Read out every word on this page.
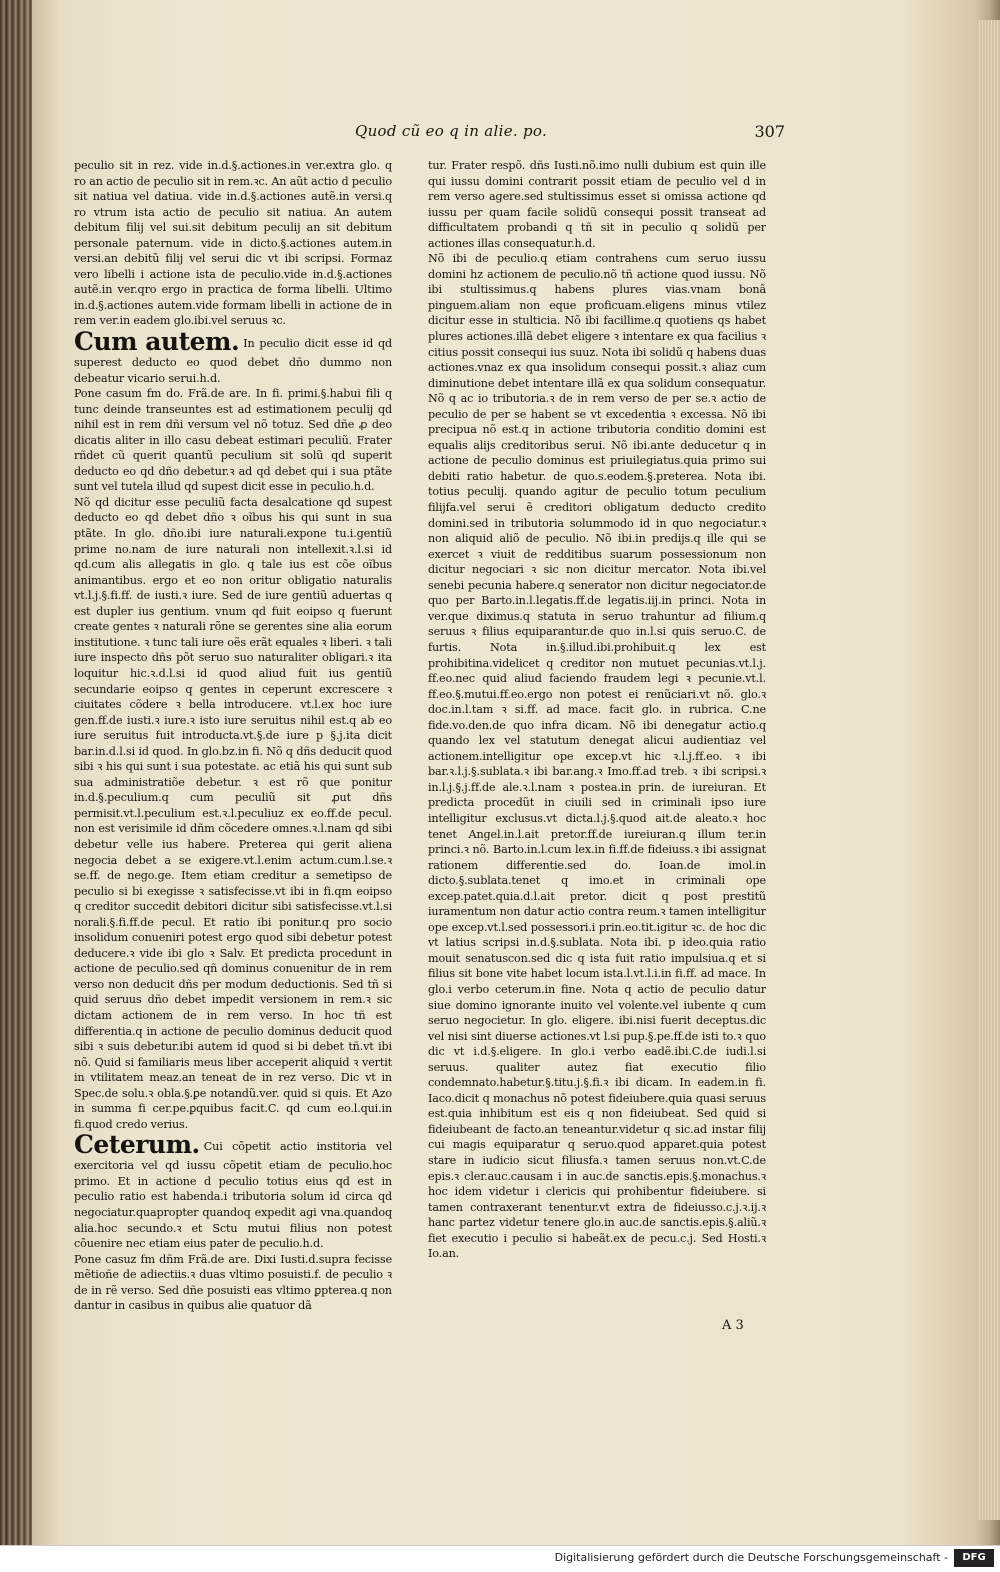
Quod cũ eo q in alie. po.	307

peculio sit in rez. vide in.d.§.actiones.in ver.extra glo. q ro an actio de peculio sit in rem.ꝛc. An aũt actio d peculio sit natiua vel datiua. vide in.d.§.actiones autẽ.in versi.q ro vtrum ista actio de peculio sit natiua. An autem debitum filij vel sui.sit debitum peculij an sit debitum personale paternum. vide in dicto.§.actiones autem.in versi.an debitũ filij vel serui dic vt ibi scripsi. Formaz vero libelli i actione ista de peculio.vide in.d.§.actiones autẽ.in ver.qro ergo in practica de forma libelli. Ultimo in.d.§.actiones autem.vide formam libelli in actione de in rem ver.in eadem glo.ibi.vel seruus ꝛc.

Cum autem. In peculio dicit esse id qd superest deducto eo quod debet dño dummo non debeatur vicario serui.h.d.

Pone casum fm do. Frã.de are. In fi. primi.§.habui fili q tunc deinde transeuntes est ad estimationem peculij qd nihil est in rem dñi versum vel nõ totuz. Sed dñe ꝓ deo dicatis aliter in illo casu debeat estimari peculiũ. Frater rñdet cũ querit quantũ peculium sit solũ qd superit deducto eo qd dño debetur.ꝛ ad qd debet qui i sua ptãte sunt vel tutela illud qd supest dicit esse in peculio.h.d.

Nõ qd dicitur esse peculiũ facta desalcatione qd supest deducto eo qd debet dño ꝛ oĩbus his qui sunt in sua ptãte. In glo. dño.ibi iure naturali.expone tu.i.gentiũ prime no.nam de iure naturali non intellexit.ꝛ.l.si id qd.cum alis allegatis in glo. q tale ius est cõe oĩbus animantibus. ergo et eo non oritur obligatio naturalis vt.l.j.§.fi.ff. de iusti.ꝛ iure. Sed de iure gentiũ aduertas q est dupler ius gentium. vnum qd fuit eoipso q fuerunt create gentes ꝛ naturali rõne se gerentes sine alia eorum institutione. ꝛ tunc tali iure oẽs erãt equales ꝛ liberi. ꝛ tali iure inspecto dñs põt seruo suo naturaliter obligari.ꝛ ita loquitur hic.ꝛ.d.l.si id quod aliud fuit ius gentiũ secundarie eoipso q gentes in ceperunt excrescere ꝛ ciuitates cõdere ꝛ bella introducere. vt.l.ex hoc iure gen.ff.de iusti.ꝛ iure.ꝛ isto iure seruitus nihil est.q ab eo iure seruitus fuit introducta.vt.§.de iure p §.j.ita dicit bar.in.d.l.si id quod. In glo.bz.in fi. Nõ q dñs deducit quod sibi ꝛ his qui sunt i sua potestate. ac etiã his qui sunt sub sua administratiõe debetur. ꝛ est rõ que ponitur in.d.§.peculium.q cum peculiũ sit ꝓut dñs permisit.vt.l.peculium est.ꝛ.l.peculiuz ex eo.ff.de pecul. non est verisimile id dñm cõcedere omnes.ꝛ.l.nam qd sibi debetur velle ius habere. Preterea qui gerit aliena negocia debet a se exigere.vt.l.enim actum.cum.l.se.ꝛ se.ff. de nego.ge. Item etiam creditur a semetipso de peculio si bi exegisse ꝛ satisfecisse.vt ibi in fi.qm eoipso q creditor succedit debitori dicitur sibi satisfecisse.vt.l.si norali.§.fi.ff.de pecul. Et ratio ibi ponitur.q pro socio insolidum conueniri potest ergo quod sibi debetur potest deducere.ꝛ vide ibi glo ꝛ Salv. Et predicta procedunt in actione de peculio.sed qñ dominus conuenitur de in rem verso non deducit dñs per modum deductionis. Sed tñ si quid seruus dño debet impedit versionem in rem.ꝛ sic dictam actionem de in rem verso. In hoc tñ est differentia.q in actione de peculio dominus deducit quod sibi ꝛ suis debetur.ibi autem id quod si bi debet tñ.vt ibi nõ. Quid si familiaris meus liber acceperit aliquid ꝛ vertit in vtilitatem meaz.an teneat de in rez verso. Dic vt in Spec.de solu.ꝛ obla.§.ꝑe notandũ.ver. quid si quis. Et Azo in summa fi cer.pe.ꝑquibus facit.C. qd cum eo.l.qui.in fi.quod credo verius.

Ceterum. Cui cõpetit actio institoria vel exercitoria vel qd iussu cõpetit etiam de peculio.hoc primo. Et in actione d peculio totius eius qd est in peculio ratio est habenda.i tributoria solum id circa qd negociatur.quapropter quandoq expedit agi vna.quandoq alia.hoc secundo.ꝛ et Sctu mutui filius non potest cõuenire nec etiam eius pater de peculio.h.d.

Pone casuz fm dñm Frã.de are. Dixi Iusti.d.supra fecisse mẽtioñe de adiectiis.ꝛ duas vltimo posuisti.f. de peculio ꝛ de in rẽ verso. Sed dñe posuisti eas vltimo ꝑpterea.q non dantur in casibus in quibus alie quatuor dã

tur. Frater respõ. dñs Iusti.nõ.imo nulli dubium est quin ille qui iussu domini contrarit possit etiam de peculio vel d in rem verso agere.sed stultissimus esset si omissa actione qd iussu per quam facile solidũ consequi possit transeat ad difficultatem probandi q tñ sit in peculio q solidũ per actiones illas consequatur.h.d.

Nõ ibi de peculio.q etiam contrahens cum seruo iussu domini hz actionem de peculio.nõ tñ actione quod iussu. Nõ ibi stultissimus.q habens plures vias.vnam bonã pinguem.aliam non eque proficuam.eligens minus vtilez dicitur esse in stulticia. Nõ ibi facillime.q quotiens qs habet plures actiones.illã debet eligere ꝛ intentare ex qua facilius ꝛ citius possit consequi ius suuz. Nota ibi solidũ q habens duas actiones.vnaz ex qua insolidum consequi possit.ꝛ aliaz cum diminutione debet intentare illã ex qua solidum consequatur. Nõ q ac io tributoria.ꝛ de in rem verso de per se.ꝛ actio de peculio de per se habent se vt excedentia ꝛ excessa. Nõ ibi precipua nõ est.q in actione tributoria conditio domini est equalis alijs creditoribus serui. Nõ ibi.ante deducetur q in actione de peculio dominus est priuilegiatus.quia primo sui debiti ratio habetur. de quo.s.eodem.§.preterea. Nota ibi. totius peculij. quando agitur de peculio totum peculium filijfa.vel serui ẽ creditori obligatum deducto credito domini.sed in tributoria solummodo id in quo negociatur.ꝛ non aliquid aliõ de peculio. Nõ ibi.in predijs.q ille qui se exercet ꝛ viuit de redditibus suarum possessionum non dicitur negociari ꝛ sic non dicitur mercator. Nota ibi.vel senebi pecunia habere.q senerator non dicitur negociator.de quo per Barto.in.l.legatis.ff.de legatis.iij.in princi. Nota in ver.que diximus.q statuta in seruo trahuntur ad filium.q seruus ꝛ filius equiparantur.de quo in.l.si quis seruo.C. de furtis. Nota in.§.illud.ibi.prohibuit.q lex est prohibitina.videlicet q creditor non mutuet pecunias.vt.l.j. ff.eo.nec quid aliud faciendo fraudem legi ꝛ pecunie.vt.l. ff.eo.§.mutui.ff.eo.ergo non potest ei renũciari.vt nõ. glo.ꝛ doc.in.l.tam ꝛ si.ff. ad mace. facit glo. in rubrica. C.ne fide.vo.den.de quo infra dicam. Nõ ibi denegatur actio.q quando lex vel statutum denegat alicui audientiaz vel actionem.intelligitur ope excep.vt hic ꝛ.l.j.ff.eo. ꝛ ibi bar.ꝛ.l.j.§.sublata.ꝛ ibi bar.ang.ꝛ Imo.ff.ad treb. ꝛ ibi scripsi.ꝛ in.l.j.§.j.ff.de ale.ꝛ.l.nam ꝛ postea.in prin. de iureiuran. Et predicta procedũt in ciuili sed in criminali ipso iure intelligitur exclusus.vt dicta.l.j.§.quod ait.de aleato.ꝛ hoc tenet Angel.in.l.ait pretor.ff.de iureiuran.q illum ter.in princi.ꝛ nõ. Barto.in.l.cum lex.in fi.ff.de fideiuss.ꝛ ibi assignat rationem differentie.sed do. Ioan.de imol.in dicto.§.sublata.tenet q imo.et in criminali ope excep.patet.quia.d.l.ait pretor. dicit q post prestitũ iuramentum non datur actio contra reum.ꝛ tamen intelligitur ope excep.vt.l.sed possessori.i prin.eo.tit.igitur ꝛc. de hoc dic vt latius scripsi in.d.§.sublata. Nota ibi. p ideo.quia ratio mouit senatuscon.sed dic q ista fuit ratio impulsiua.q et si filius sit bone vite habet locum ista.l.vt.l.i.in fi.ff. ad mace. In glo.i verbo ceterum.in fine. Nota q actio de peculio datur siue domino ignorante inuito vel volente.vel iubente q cum seruo negocietur. In glo. eligere. ibi.nisi fuerit deceptus.dic vel nisi sint diuerse actiones.vt l.si pup.§.pe.ff.de isti to.ꝛ quo dic vt i.d.§.eligere. In glo.i verbo eadẽ.ibi.C.de iudi.l.si seruus. qualiter autez fiat executio filio condemnato.habetur.§.titu.j.§.fi.ꝛ ibi dicam. In eadem.in fi. Iaco.dicit q monachus nõ potest fideiubere.quia quasi seruus est.quia inhibitum est eis q non fideiubeat. Sed quid si fideiubeant de facto.an teneantur.videtur q sic.ad instar filij cui magis equiparatur q seruo.quod apparet.quia potest stare in iudicio sicut filiusfa.ꝛ tamen seruus non.vt.C.de epis.ꝛ cler.auc.causam i in auc.de sanctis.epis.§.monachus.ꝛ hoc idem videtur i clericis qui prohibentur fideiubere. si tamen contraxerant tenentur.vt extra de fideiusso.c.j.ꝛ.ij.ꝛ hanc partez videtur tenere glo.in auc.de sanctis.epis.§.aliũ.ꝛ fiet executio i peculio si habeãt.ex de pecu.c.j. Sed Hosti.ꝛ Io.an.

A 3
Digitalisierung gefördert durch die Deutsche Forschungsgemeinschaft -	DFG
